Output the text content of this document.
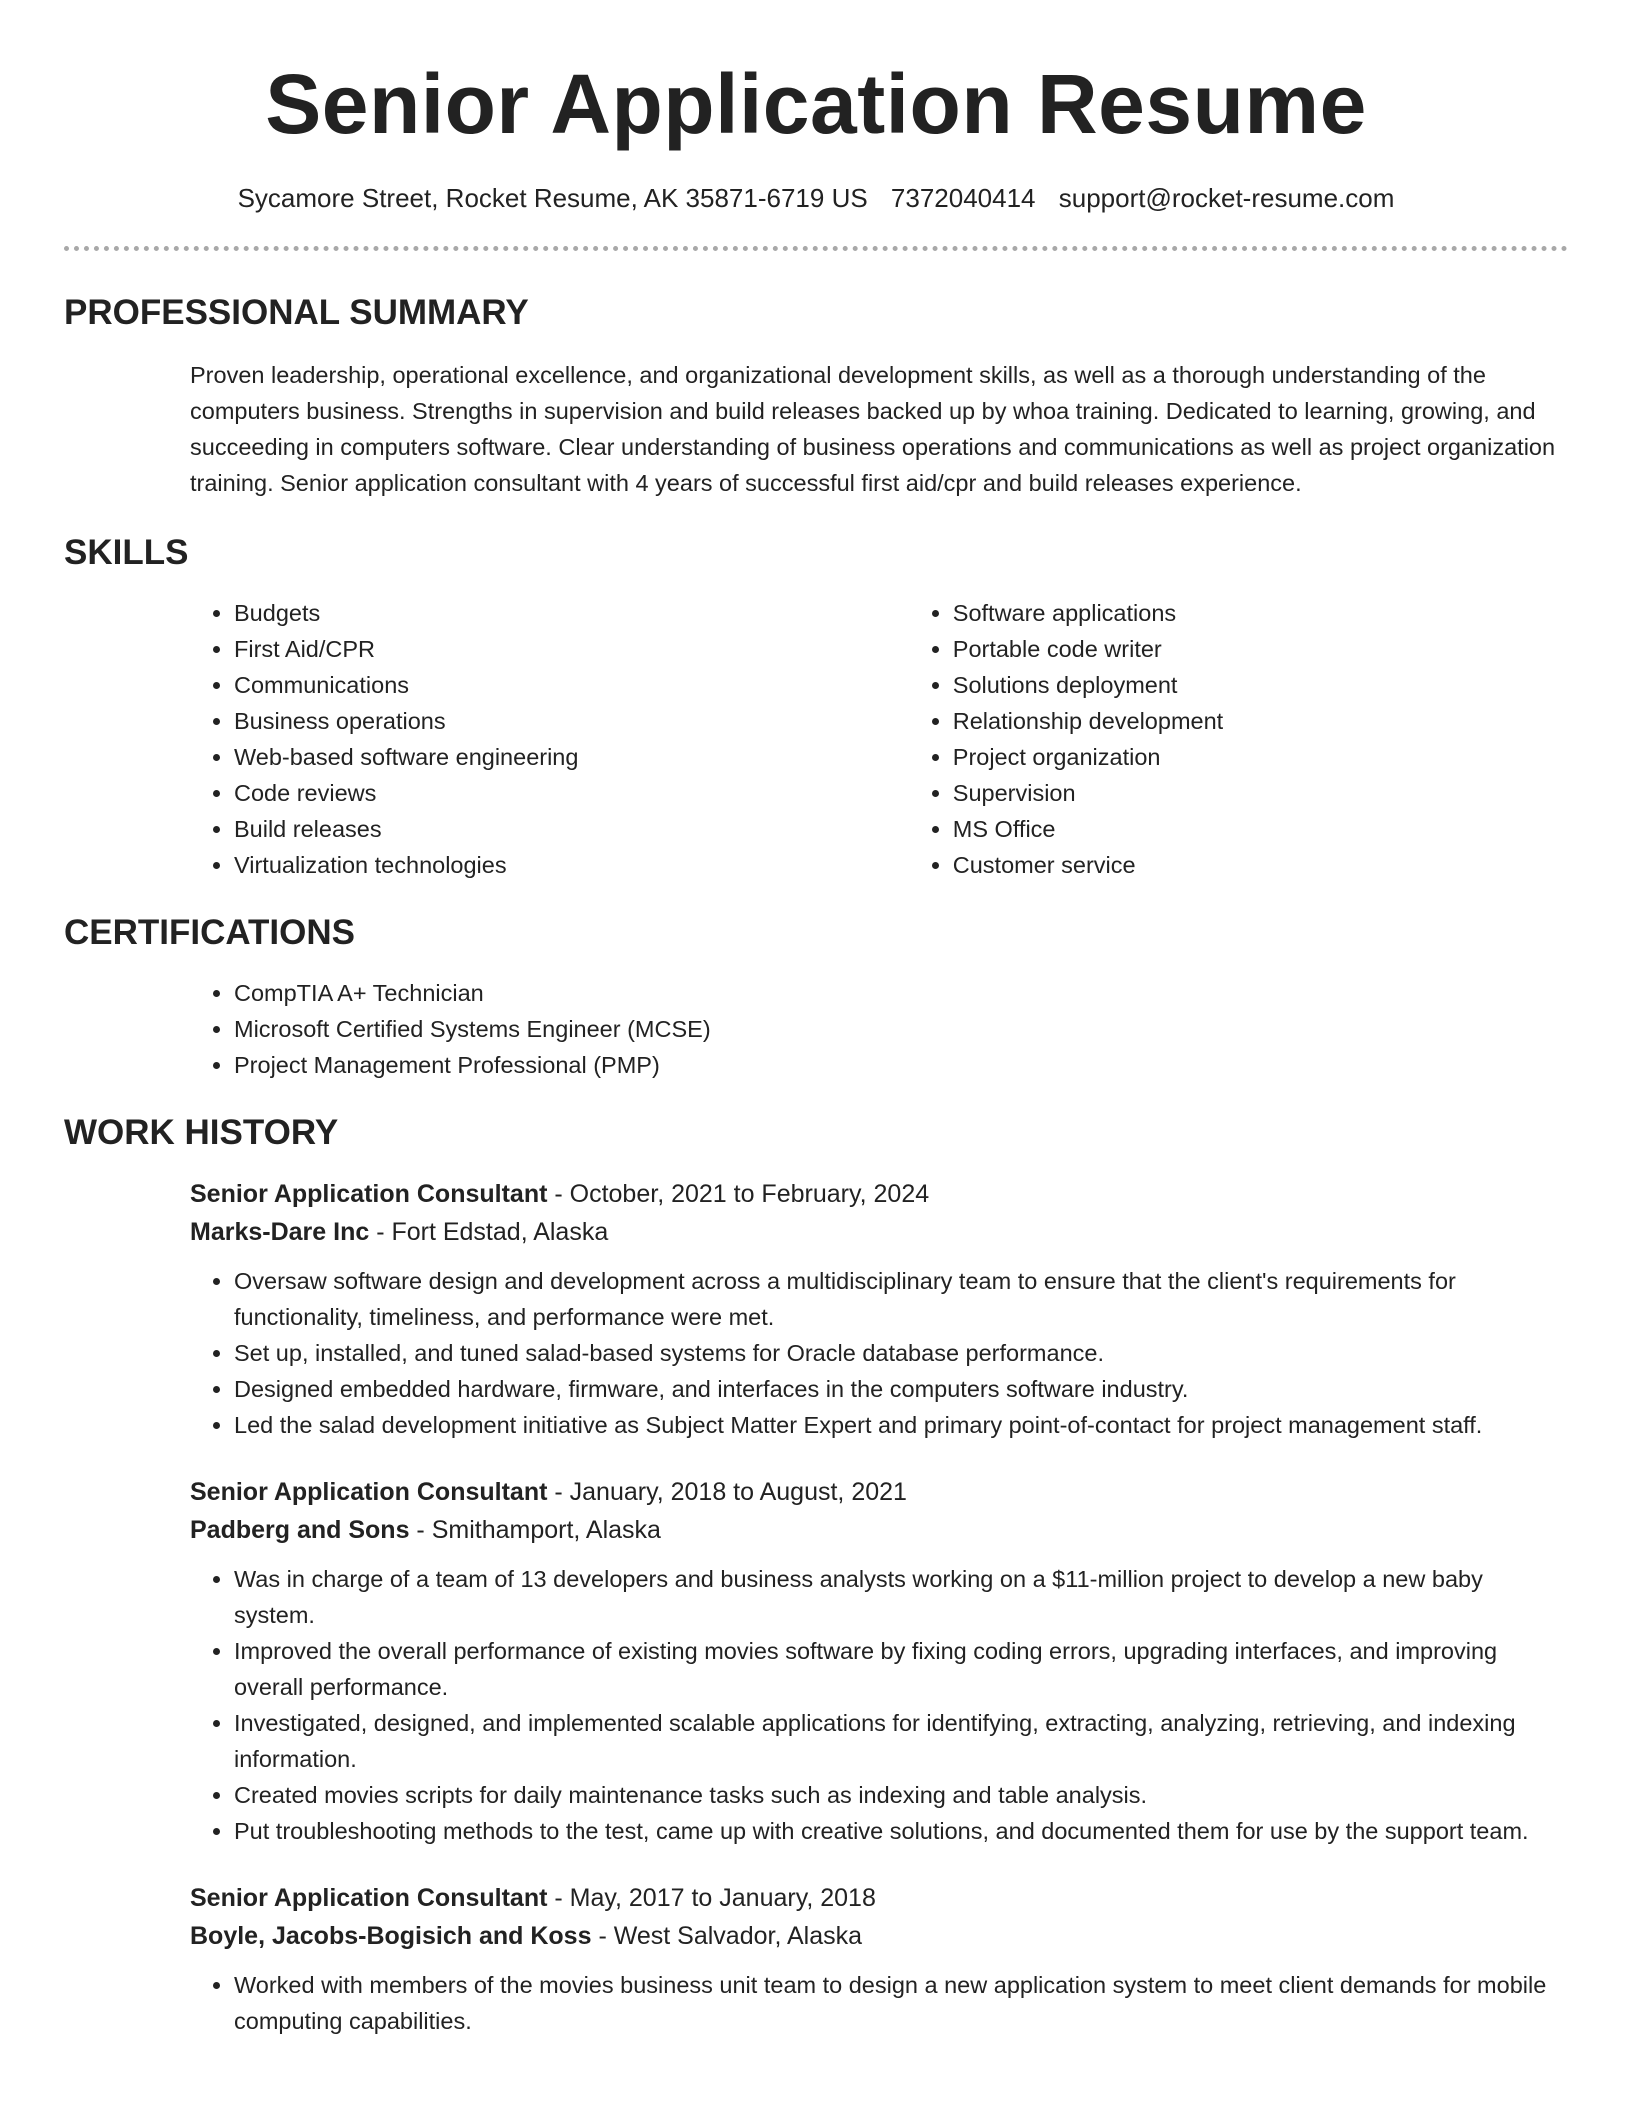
Senior Application Resume
Sycamore Street, Rocket Resume, AK 35871-6719 US 7372040414 support@rocket-resume.com
PROFESSIONAL SUMMARY

Proven leadership, operational excellence, and organizational development skills, as well as a thorough understanding of the computers business. Strengths in supervision and build releases backed up by whoa training. Dedicated to learning, growing, and succeeding in computers software. Clear understanding of business operations and communications as well as project organization training. Senior application consultant with 4 years of successful first aid/cpr and build releases experience.

SKILLS
• Budgets
• First Aid/CPR
• Communications
• Business operations
• Web-based software engineering
• Code reviews
• Build releases
• Virtualization technologies
• Software applications
• Portable code writer
• Solutions deployment
• Relationship development
• Project organization
• Supervision
• MS Office
• Customer service
CERTIFICATIONS
• CompTIA A+ Technician
• Microsoft Certified Systems Engineer (MCSE)
• Project Management Professional (PMP)
WORK HISTORY
Senior Application Consultant - October, 2021 to February, 2024
Marks-Dare Inc - Fort Edstad, Alaska
• Oversaw software design and development across a multidisciplinary team to ensure that the client's requirements for functionality, timeliness, and performance were met.
• Set up, installed, and tuned salad-based systems for Oracle database performance.
• Designed embedded hardware, firmware, and interfaces in the computers software industry.
• Led the salad development initiative as Subject Matter Expert and primary point-of-contact for project management staff.
Senior Application Consultant - January, 2018 to August, 2021
Padberg and Sons - Smithamport, Alaska
• Was in charge of a team of 13 developers and business analysts working on a $11-million project to develop a new baby system.
• Improved the overall performance of existing movies software by fixing coding errors, upgrading interfaces, and improving overall performance.
• Investigated, designed, and implemented scalable applications for identifying, extracting, analyzing, retrieving, and indexing information.
• Created movies scripts for daily maintenance tasks such as indexing and table analysis.
• Put troubleshooting methods to the test, came up with creative solutions, and documented them for use by the support team.
Senior Application Consultant - May, 2017 to January, 2018
Boyle, Jacobs-Bogisich and Koss - West Salvador, Alaska
• Worked with members of the movies business unit team to design a new application system to meet client demands for mobile computing capabilities.
